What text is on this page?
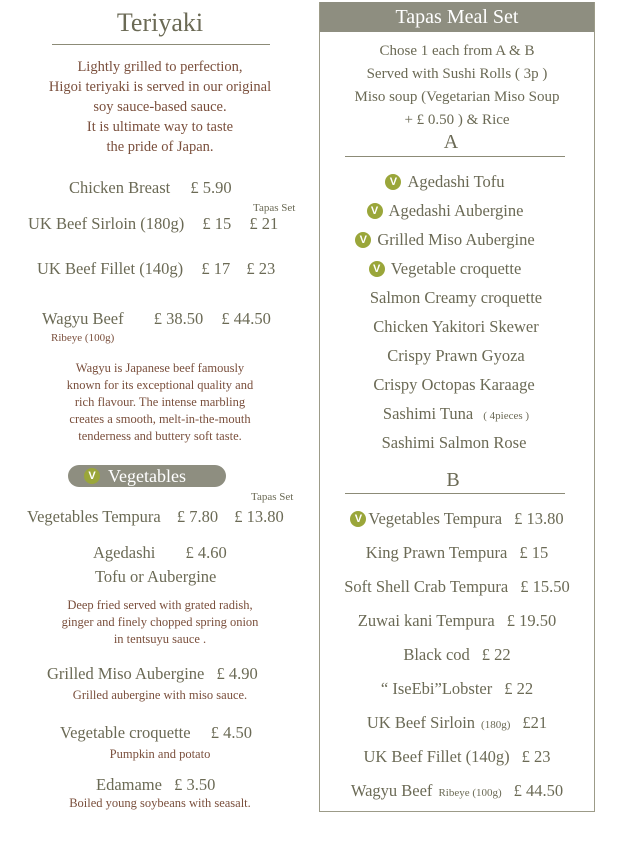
Teriyaki
Lightly grilled to perfection,
Higoi teriyaki is served in our original
soy sauce-based sauce.
It is ultimate way to taste
the pride of Japan.
Chicken Breast £ 5.90
Tapas Set
UK Beef Sirloin (180g) £ 15 £ 21
UK Beef Fillet (140g) £ 17 £ 23
Wagyu Beef £ 38.50 £ 44.50
Ribeye (100g)
Wagyu is Japanese beef famously
known for its exceptional quality and
rich flavour. The intense marbling
creates a smooth, melt-in-the-mouth
tenderness and buttery soft taste.
V Vegetables
Tapas Set
Vegetables Tempura £ 7.80 £ 13.80
Agedashi £ 4.60
Tofu or Aubergine
Deep fried served with grated radish,
ginger and finely chopped spring onion
in tentsuyu sauce .
Grilled Miso Aubergine £ 4.90
Grilled aubergine with miso sauce.
Vegetable croquette £ 4.50
Pumpkin and potato
Edamame £ 3.50
Boiled young soybeans with seasalt.
Tapas Meal Set
Chose 1 each from A & B
Served with Sushi Rolls ( 3p )
Miso soup (Vegetarian Miso Soup
+ £ 0.50 ) & Rice
A
V Agedashi Tofu
V Agedashi Aubergine
V Grilled Miso Aubergine
V Vegetable croquette
Salmon Creamy croquette
Chicken Yakitori Skewer
Crispy Prawn Gyoza
Crispy Octopas Karaage
Sashimi Tuna ( 4pieces )
Sashimi Salmon Rose
B
V Vegetables Tempura £ 13.80
King Prawn Tempura £ 15
Soft Shell Crab Tempura £ 15.50
Zuwai kani Tempura £ 19.50
Black cod £ 22
“ IseEbi”Lobster £ 22
UK Beef Sirloin (180g) £21
UK Beef Fillet (140g) £ 23
Wagyu Beef Ribeye (100g) £ 44.50
